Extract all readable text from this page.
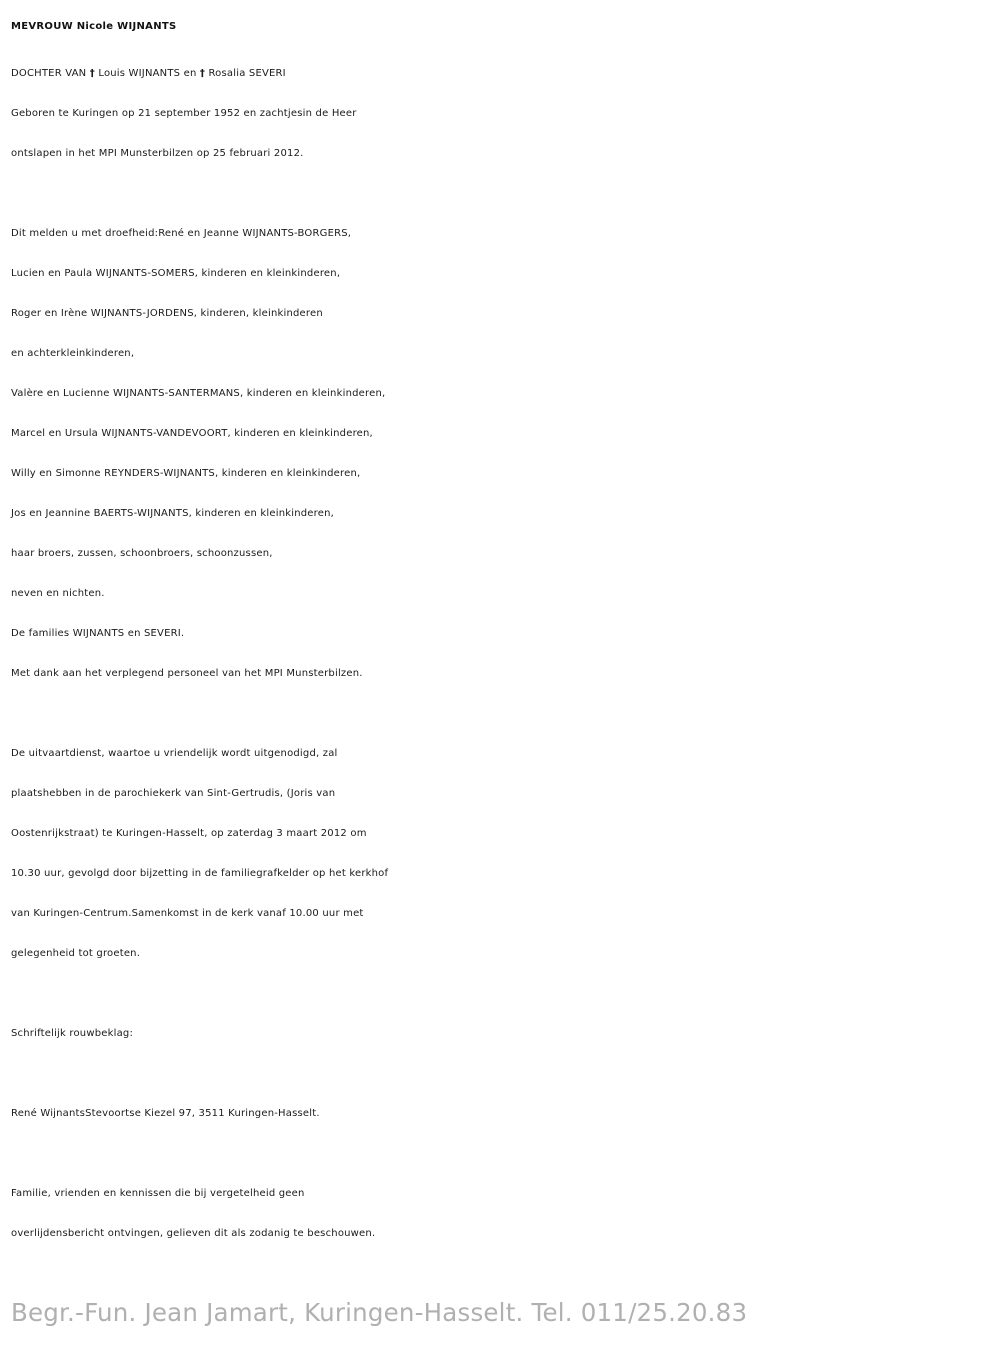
MEVROUW Nicole WIJNANTS
DOCHTER VAN † Louis WIJNANTS en † Rosalia SEVERI
Geboren te Kuringen op 21 september 1952 en zachtjesin de Heer
ontslapen in het MPI Munsterbilzen op 25 februari 2012.
Dit melden u met droefheid:René en Jeanne WIJNANTS-BORGERS,
Lucien en Paula WIJNANTS-SOMERS, kinderen en kleinkinderen,
Roger en Irène WIJNANTS-JORDENS, kinderen, kleinkinderen
en achterkleinkinderen,
Valère en Lucienne WIJNANTS-SANTERMANS, kinderen en kleinkinderen,
Marcel en Ursula WIJNANTS-VANDEVOORT, kinderen en kleinkinderen,
Willy en Simonne REYNDERS-WIJNANTS, kinderen en kleinkinderen,
Jos en Jeannine BAERTS-WIJNANTS, kinderen en kleinkinderen,
haar broers, zussen, schoonbroers, schoonzussen,
neven en nichten.
De families WIJNANTS en SEVERI.
Met dank aan het verplegend personeel van het MPI Munsterbilzen.
De uitvaartdienst, waartoe u vriendelijk wordt uitgenodigd, zal
plaatshebben in de parochiekerk van Sint-Gertrudis, (Joris van
Oostenrijkstraat) te Kuringen-Hasselt, op zaterdag 3 maart 2012 om
10.30 uur, gevolgd door bijzetting in de familiegrafkelder op het kerkhof
van Kuringen-Centrum.Samenkomst in de kerk vanaf 10.00 uur met
gelegenheid tot groeten.
Schriftelijk rouwbeklag:
René WijnantsStevoortse Kiezel 97, 3511 Kuringen-Hasselt.
Familie, vrienden en kennissen die bij vergetelheid geen
overlijdensbericht ontvingen, gelieven dit als zodanig te beschouwen.
Begr.-Fun. Jean Jamart, Kuringen-Hasselt. Tel. 011/25.20.83
